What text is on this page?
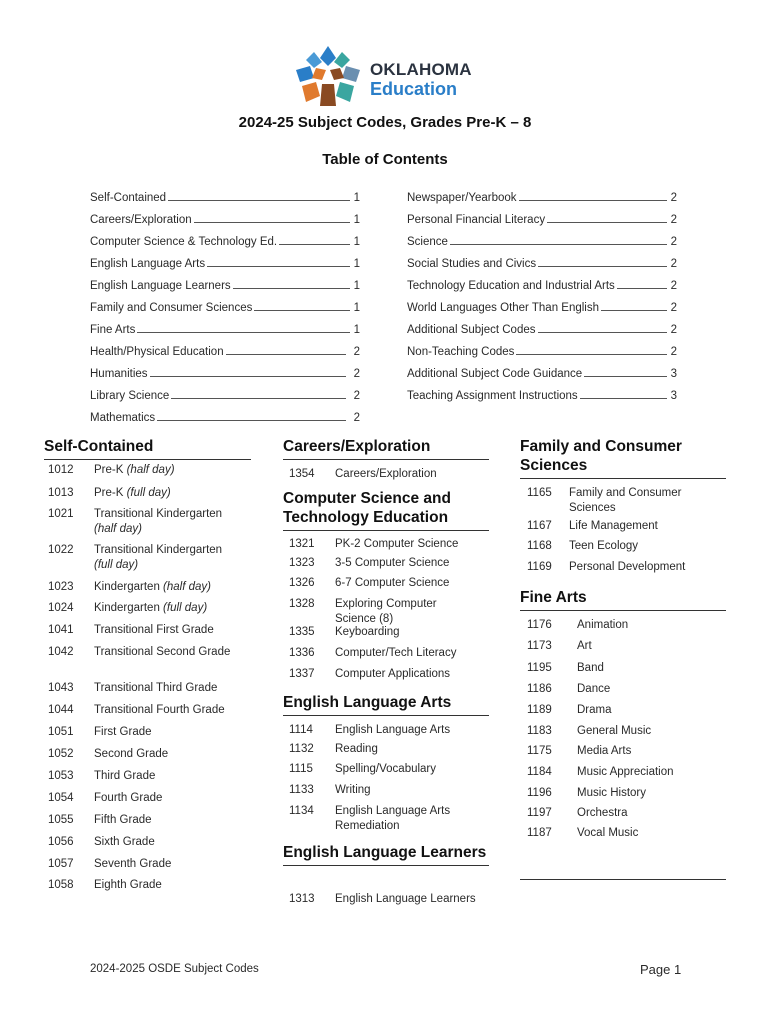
OKLAHOMA
Education
2024-25 Subject Codes, Grades Pre-K – 8
Table of Contents
Self-Contained	1
Careers/Exploration	1
Computer Science & Technology Ed.	1
English Language Arts	1
English Language Learners	1
Family and Consumer Sciences	1
Fine Arts	1
Health/Physical Education	2
Humanities	2
Library Science	2
Mathematics	2
Newspaper/Yearbook	2
Personal Financial Literacy	2
Science	2
Social Studies and Civics	2
Technology Education and Industrial Arts	2
World Languages Other Than English	2
Additional Subject Codes	2
Non-Teaching Codes	2
Additional Subject Code Guidance	3
Teaching Assignment Instructions	3
Self-Contained
1012 Pre-K (half day)
1013 Pre-K (full day)
1021 Transitional Kindergarten
(half day)
1022 Transitional Kindergarten
(full day)
1023 Kindergarten (half day)
1024 Kindergarten (full day)
1041 Transitional First Grade
1042 Transitional Second Grade
1043 Transitional Third Grade
1044 Transitional Fourth Grade
1051 First Grade
1052 Second Grade
1053 Third Grade
1054 Fourth Grade
1055 Fifth Grade
1056 Sixth Grade
1057 Seventh Grade
1058 Eighth Grade
Careers/Exploration
1354 Careers/Exploration
Computer Science and Technology Education
1321 PK-2 Computer Science
1323 3-5 Computer Science
1326 6-7 Computer Science
1328 Exploring Computer Science (8)
1335 Keyboarding
1336 Computer/Tech Literacy
1337 Computer Applications
English Language Arts
1114 English Language Arts
1132 Reading
1115 Spelling/Vocabulary
1133 Writing
1134 English Language Arts Remediation
English Language Learners
1313 English Language Learners
Family and Consumer Sciences
1165 Family and Consumer Sciences
1167 Life Management
1168 Teen Ecology
1169 Personal Development
Fine Arts
1176 Animation
1173 Art
1195 Band
1186 Dance
1189 Drama
1183 General Music
1175 Media Arts
1184 Music Appreciation
1196 Music History
1197 Orchestra
1187 Vocal Music
2024-2025 OSDE Subject Codes	Page 1
